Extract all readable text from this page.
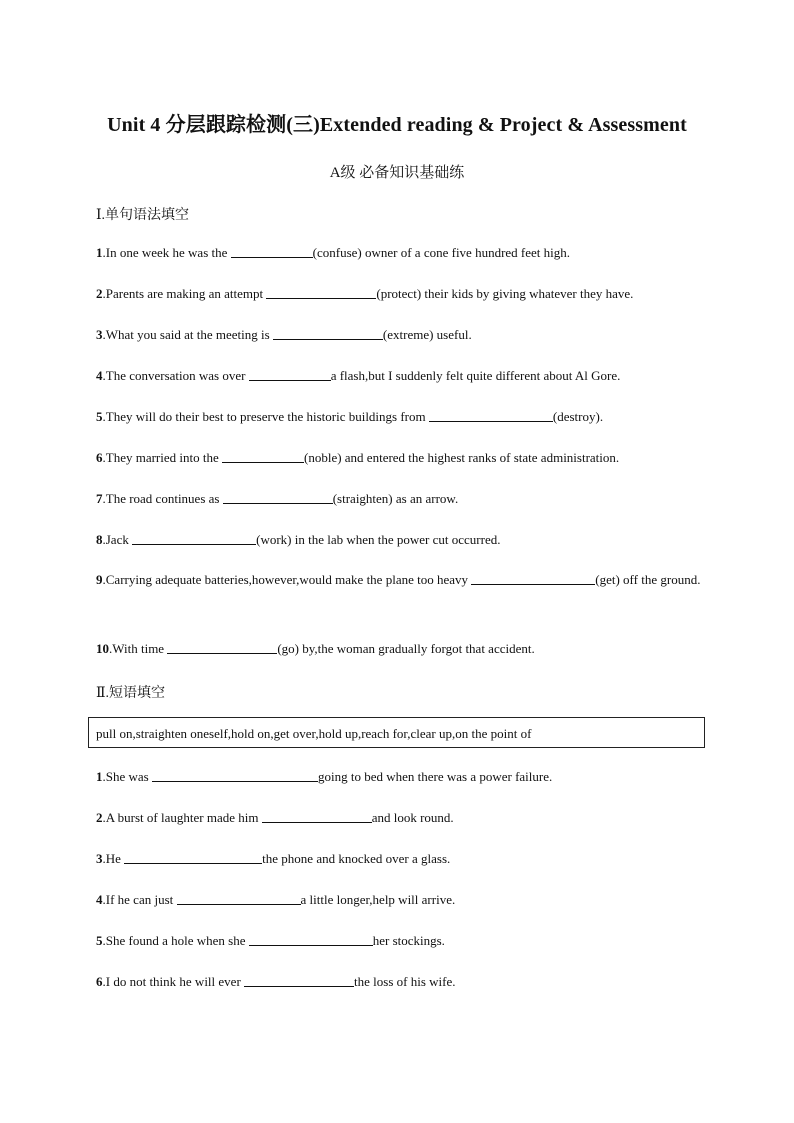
Unit 4 分层跟踪检测(三)Extended reading & Project & Assessment
A级 必备知识基础练
Ⅰ.单句语法填空
1.In one week he was the	(confuse) owner of a cone five hundred feet high.
2.Parents are making an attempt	(protect) their kids by giving whatever they have.
3.What you said at the meeting is	(extreme) useful.
4.The conversation was over	a flash,but I suddenly felt quite different about Al Gore.
5.They will do their best to preserve the historic buildings from	(destroy).
6.They married into the	(noble) and entered the highest ranks of state administration.
7.The road continues as	(straighten) as an arrow.
8.Jack	(work) in the lab when the power cut occurred.
9.Carrying adequate batteries,however,would make the plane too heavy	(get) off the ground.
10.With time	(go) by,the woman gradually forgot that accident.
Ⅱ.短语填空
pull on,straighten oneself,hold on,get over,hold up,reach for,clear up,on the point of
1.She was	going to bed when there was a power failure.
2.A burst of laughter made him	and look round.
3.He	the phone and knocked over a glass.
4.If he can just	a little longer,help will arrive.
5.She found a hole when she	her stockings.
6.I do not think he will ever	the loss of his wife.
